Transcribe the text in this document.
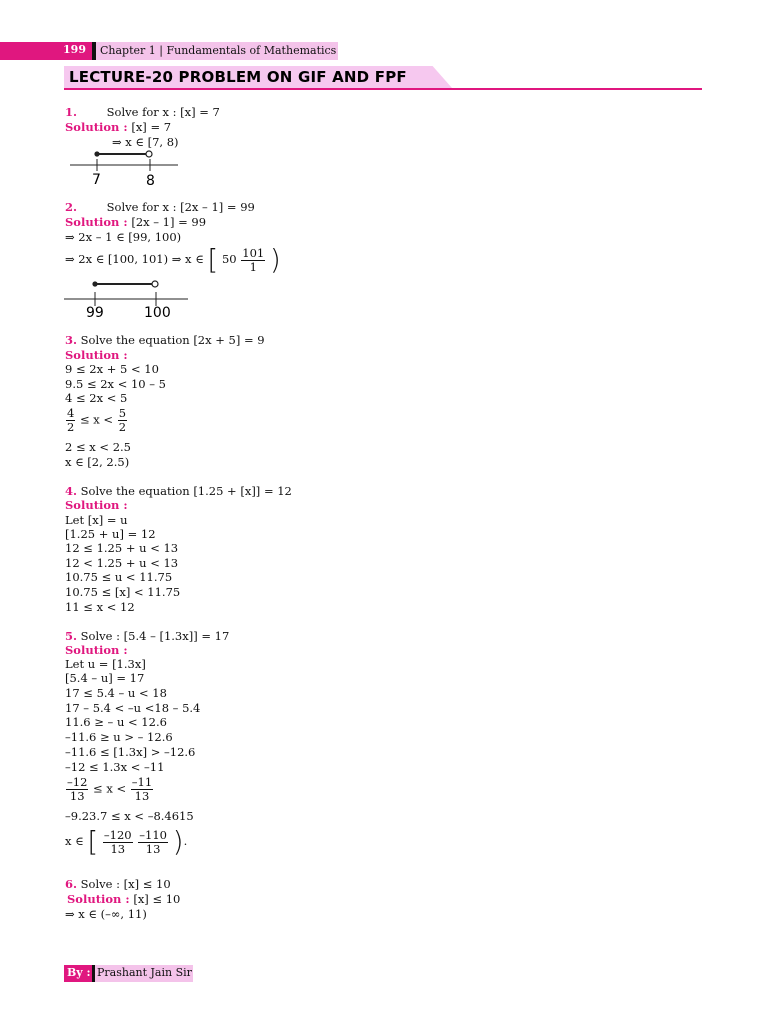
199 Chapter 1 | Fundamentals of Mathematics
LECTURE-20 PROBLEM ON GIF AND FPF
1.	Solve for x : [x] = 7
Solution : [x] = 7
⇒ x ∈ [7, 8)
7	8
2.	Solve for x : [2x – 1] = 99
Solution : [2x – 1] = 99
⇒ 2x – 1 ∈ [99, 100)
⇒ 2x ∈ [100, 101) ⇒ x ∈ [ $50 \frac{101}{1}$ )
99	100
3. Solve the equation [2x + 5] = 9
Solution :
9 ≤ 2x + 5 < 10
9.5 ≤ 2x < 10 – 5
4 ≤ 2x < 5
$\frac{4}{2} \le x < \frac{5}{2}$
2 ≤ x < 2.5
x ∈ [2, 2.5)
4. Solve the equation [1.25 + [x]] = 12
Solution :
Let [x] = u
[1.25 + u] = 12
12 ≤ 1.25 + u < 13
12 < 1.25 + u < 13
10.75 ≤ u < 11.75
10.75 ≤ [x] < 11.75
11 ≤ x < 12
5. Solve : [5.4 – [1.3x]] = 17
Solution :
Let u = [1.3x]
[5.4 – u] = 17
17 ≤ 5.4 – u < 18
17 – 5.4 < –u <18 – 5.4
11.6 ≥ – u < 12.6
–11.6 ≥ u > – 12.6
–11.6 ≤ [1.3x] > –12.6
–12 ≤ 1.3x < –11
$\frac{-12}{13} \le x < \frac{-11}{13}$
–9.23.7 ≤ x < –8.4615
x ∈ [ $\frac{-120}{13}$
$\frac{-110}{13}$ ).
6. Solve : [x] ≤ 10
Solution : [x] ≤ 10
⇒ x ∈ (–∞, 11)
By : Prashant Jain Sir
